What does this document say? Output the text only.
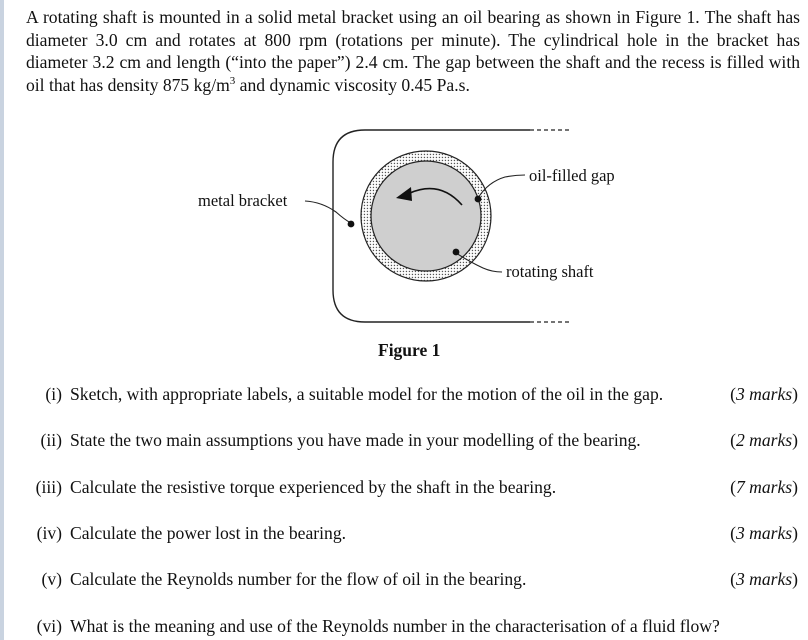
A rotating shaft is mounted in a solid metal bracket using an oil bearing as shown in Figure 1. The shaft has diameter 3.0 cm and rotates at 800 rpm (rotations per minute). The cylindrical hole in the bracket has diameter 3.2 cm and length (“into the paper”) 2.4 cm. The gap between the shaft and the recess is filled with oil that has density 875 $kg/m^3$ and dynamic viscosity 0.45 Pa.s.
metal bracket
oil-filled gap
rotating shaft
Figure 1
(i) Sketch, with appropriate labels, a suitable model for the motion of the oil in the gap.	(3 marks)
(ii) State the two main assumptions you have made in your modelling of the bearing.	(2 marks)
(iii) Calculate the resistive torque experienced by the shaft in the bearing.	(7 marks)
(iv) Calculate the power lost in the bearing.	(3 marks)
(v) Calculate the Reynolds number for the flow of oil in the bearing.	(3 marks)
(vi) What is the meaning and use of the Reynolds number in the characterisation of a fluid flow?
